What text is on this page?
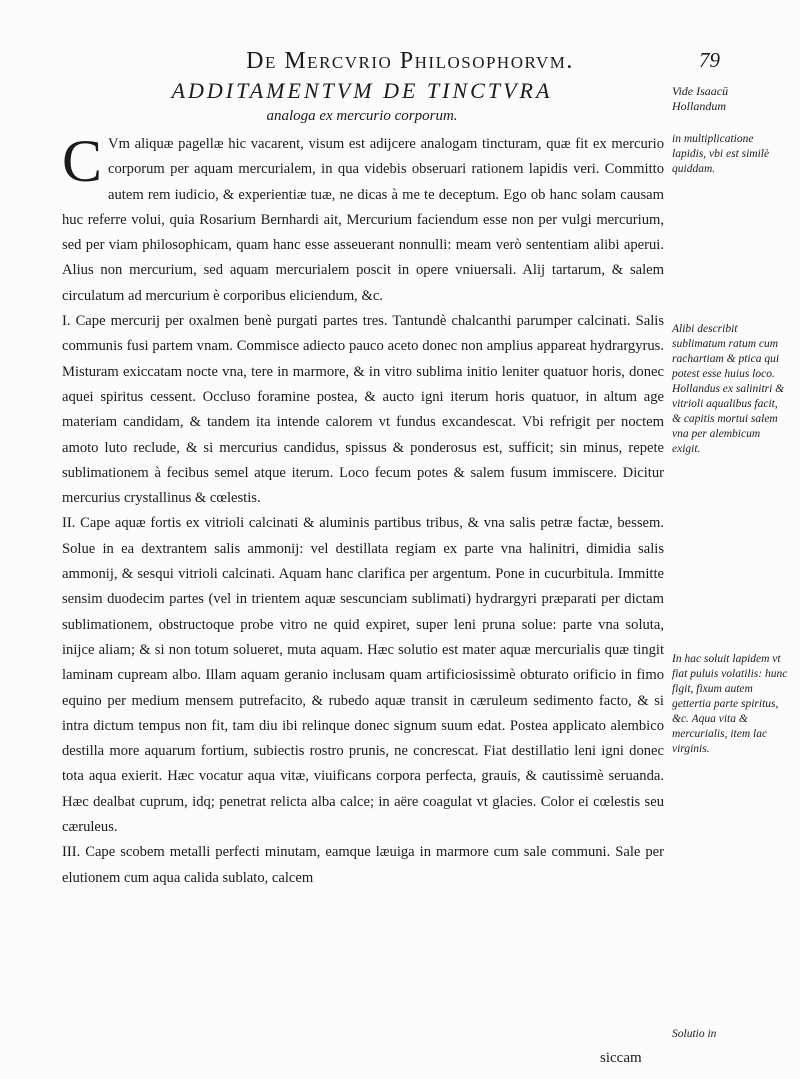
De Mercvrio Philosophorvm.	79
ADDITAMENTVM DE TINCTVRA
analoga ex mercurio corporum.
Vide Isaacū Hollandum

C Vm aliquæ pagellæ hic vacarent, visum est adijcere analogam tincturam, quæ fit ex mercurio corporum per aquam mercurialem, in qua videbis obseruari rationem lapidis veri. Committo autem rem iudicio, & experientiæ tuæ, ne dicas à me te deceptum. Ego ob hanc solam causam huc referre volui, quia Rosarium Bernhardi ait, Mercurium faciendum esse non per vulgi mercurium, sed per viam philosophicam, quam hanc esse asseuerant nonnulli: meam verò sententiam alibi aperui. Alius non mercurium, sed aquam mercurialem poscit in opere vniuersali. Alij tartarum, & salem circulatum ad mercurium è corporibus eliciendum, &c.

I. Cape mercurij per oxalmen benè purgati partes tres. Tantundè chalcanthi parumper calcinati. Salis communis fusi partem vnam. Commisce adiecto pauco aceto donec non amplius appareat hydrargyrus. Misturam exiccatam nocte vna, tere in marmore, & in vitro sublima initio leniter quatuor horis, donec aquei spiritus cessent. Occluso foramine postea, & aucto igni iterum horis quatuor, in altum age materiam candidam, & tandem ita intende calorem vt fundus excandescat. Vbi refrigit per noctem amoto luto reclude, & si mercurius candidus, spissus & ponderosus est, sufficit; sin minus, repete sublimationem à fecibus semel atque iterum. Loco fecum potes & salem fusum immiscere. Dicitur mercurius crystallinus & cœlestis.

II. Cape aquæ fortis ex vitrioli calcinati & aluminis partibus tribus, & vna salis petræ factæ, bessem. Solue in ea dextrantem salis ammonij: vel destillata regiam ex parte vna halinitri, dimidia salis ammonij, & sesqui vitrioli calcinati. Aquam hanc clarifica per argentum. Pone in cucurbitula. Immitte sensim duodecim partes (vel in trientem aquæ sescunciam sublimati) hydrargyri præparati per dictam sublimationem, obstructoque probe vitro ne quid expiret, super leni pruna solue: parte vna soluta, inijce aliam; & si non totum solueret, muta aquam. Hæc solutio est mater aquæ mercurialis quæ tingit laminam cupream albo. Illam aquam geranio inclusam quam artificiosissimè obturato orificio in fimo equino per medium mensem putrefacito, & rubedo aquæ transit in cæruleum sedimento facto, & si intra dictum tempus non fit, tam diu ibi relinque donec signum suum edat. Postea applicato alembico destilla more aquarum fortium, subiectis rostro prunis, ne concrescat. Fiat destillatio leni igni donec tota aqua exierit. Hæc vocatur aqua vitæ, viuificans corpora perfecta, grauis, & cautissimè seruanda. Hæc dealbat cuprum, idq; penetrat relicta alba calce; in aëre coagulat vt glacies. Color ei cœlestis seu cæruleus.

III. Cape scobem metalli perfecti minutam, eamque læuiga in marmore cum sale communi. Sale per elutionem cum aqua calida sublato, calcem

in multiplicatione lapidis, vbi est similè quiddam.
Alibi describit sublimatum ratum cum rachartiam & ptica qui potest esse huius loco. Hollandus ex salinitri & vitrioli aqualibus facit, & capitis mortui salem vna per alembicum exigit.
In hac soluit lapidem vt fiat puluis volatilis: hunc figit, fixum autem gettertia parte spiritus, &c. Aqua vita & mercurialis, item lac virginis.
Solutio in
siccam
